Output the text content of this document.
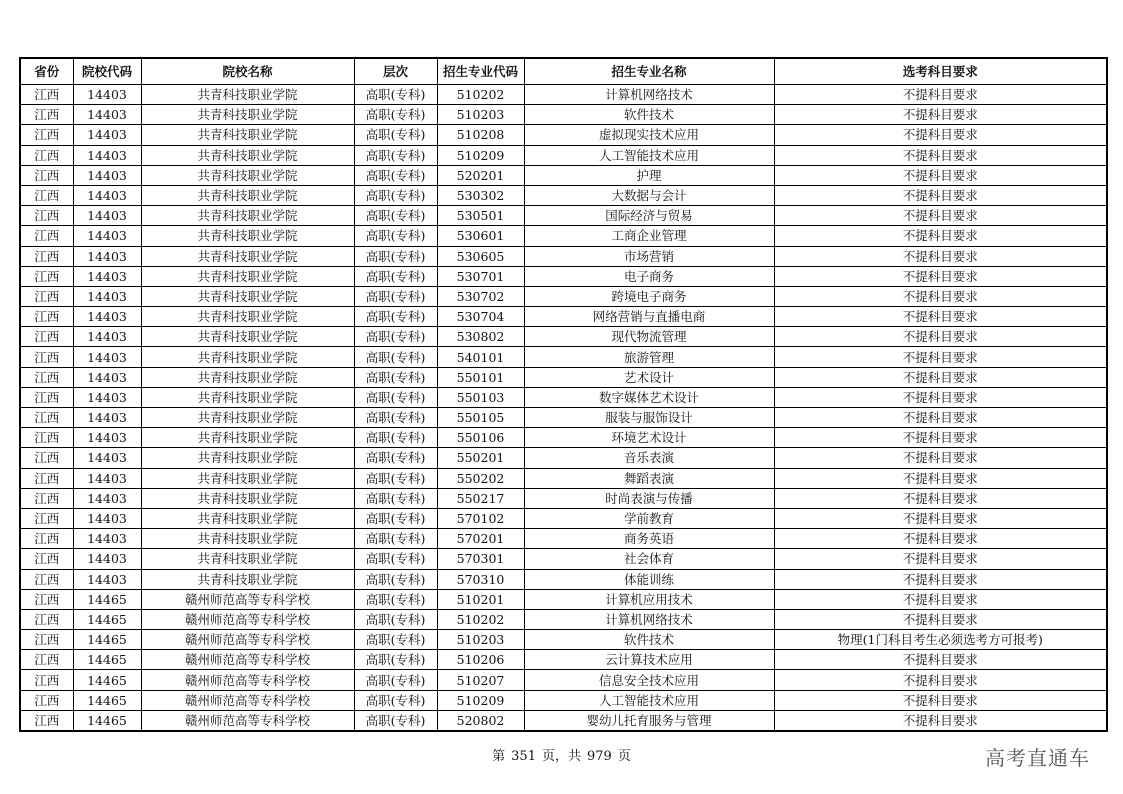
省份	院校代码	院校名称	层次	招生专业代码	招生专业名称	选考科目要求
江西	14403	共青科技职业学院	高职(专科)	510202	计算机网络技术	不提科目要求
江西	14403	共青科技职业学院	高职(专科)	510203	软件技术	不提科目要求
江西	14403	共青科技职业学院	高职(专科)	510208	虚拟现实技术应用	不提科目要求
江西	14403	共青科技职业学院	高职(专科)	510209	人工智能技术应用	不提科目要求
江西	14403	共青科技职业学院	高职(专科)	520201	护理	不提科目要求
江西	14403	共青科技职业学院	高职(专科)	530302	大数据与会计	不提科目要求
江西	14403	共青科技职业学院	高职(专科)	530501	国际经济与贸易	不提科目要求
江西	14403	共青科技职业学院	高职(专科)	530601	工商企业管理	不提科目要求
江西	14403	共青科技职业学院	高职(专科)	530605	市场营销	不提科目要求
江西	14403	共青科技职业学院	高职(专科)	530701	电子商务	不提科目要求
江西	14403	共青科技职业学院	高职(专科)	530702	跨境电子商务	不提科目要求
江西	14403	共青科技职业学院	高职(专科)	530704	网络营销与直播电商	不提科目要求
江西	14403	共青科技职业学院	高职(专科)	530802	现代物流管理	不提科目要求
江西	14403	共青科技职业学院	高职(专科)	540101	旅游管理	不提科目要求
江西	14403	共青科技职业学院	高职(专科)	550101	艺术设计	不提科目要求
江西	14403	共青科技职业学院	高职(专科)	550103	数字媒体艺术设计	不提科目要求
江西	14403	共青科技职业学院	高职(专科)	550105	服装与服饰设计	不提科目要求
江西	14403	共青科技职业学院	高职(专科)	550106	环境艺术设计	不提科目要求
江西	14403	共青科技职业学院	高职(专科)	550201	音乐表演	不提科目要求
江西	14403	共青科技职业学院	高职(专科)	550202	舞蹈表演	不提科目要求
江西	14403	共青科技职业学院	高职(专科)	550217	时尚表演与传播	不提科目要求
江西	14403	共青科技职业学院	高职(专科)	570102	学前教育	不提科目要求
江西	14403	共青科技职业学院	高职(专科)	570201	商务英语	不提科目要求
江西	14403	共青科技职业学院	高职(专科)	570301	社会体育	不提科目要求
江西	14403	共青科技职业学院	高职(专科)	570310	体能训练	不提科目要求
江西	14465	赣州师范高等专科学校	高职(专科)	510201	计算机应用技术	不提科目要求
江西	14465	赣州师范高等专科学校	高职(专科)	510202	计算机网络技术	不提科目要求
江西	14465	赣州师范高等专科学校	高职(专科)	510203	软件技术	物理(1门科目考生必须选考方可报考)
江西	14465	赣州师范高等专科学校	高职(专科)	510206	云计算技术应用	不提科目要求
江西	14465	赣州师范高等专科学校	高职(专科)	510207	信息安全技术应用	不提科目要求
江西	14465	赣州师范高等专科学校	高职(专科)	510209	人工智能技术应用	不提科目要求
江西	14465	赣州师范高等专科学校	高职(专科)	520802	婴幼儿托育服务与管理	不提科目要求
第 351 页，共 979 页	高考直通车
